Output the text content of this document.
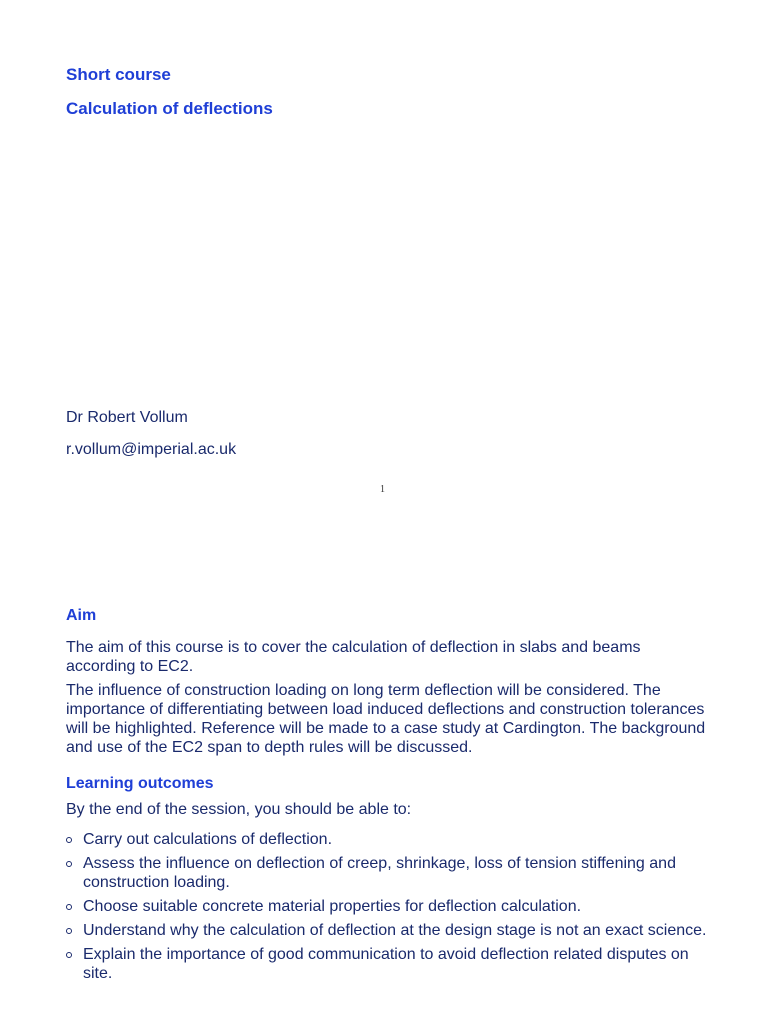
Short course
Calculation of deflections

Dr Robert Vollum

r.vollum@imperial.ac.uk

1
Aim

The aim of this course is to cover the calculation of deflection in slabs and beams according to EC2.

The influence of construction loading on long term deflection will be considered. The importance of differentiating between load induced deflections and construction tolerances will be highlighted. Reference will be made to a case study at Cardington. The background and use of the EC2 span to depth rules will be discussed.

Learning outcomes

By the end of the session, you should be able to:

Carry out calculations of deflection.
Assess the influence on deflection of creep, shrinkage, loss of tension stiffening and construction loading.
Choose suitable concrete material properties for deflection calculation.
Understand why the calculation of deflection at the design stage is not an exact science.
Explain the importance of good communication to avoid deflection related disputes on site.
